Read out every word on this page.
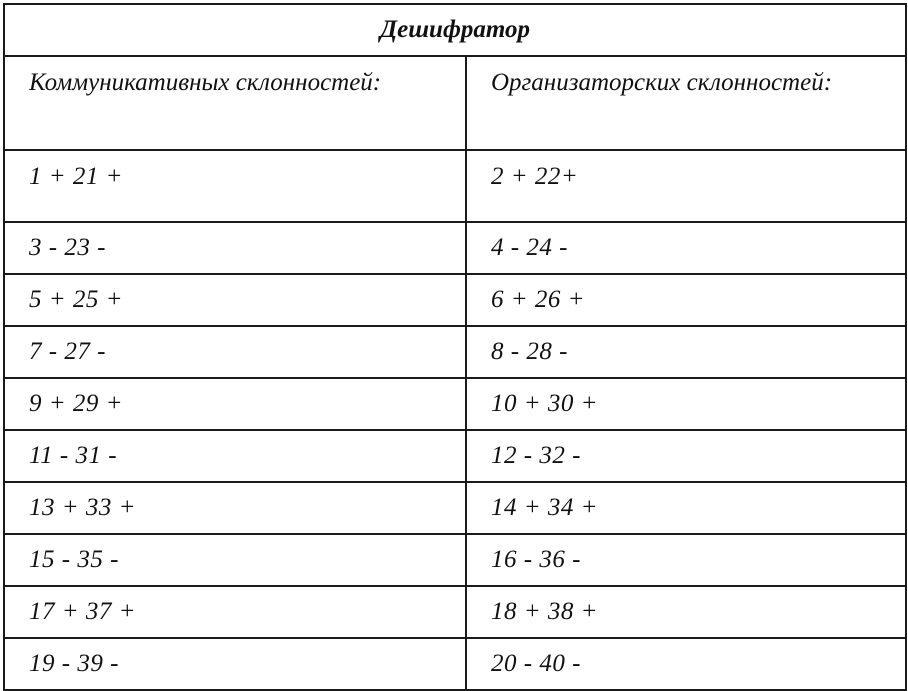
Дешифратор	
Коммуникативных склонностей:	Организаторских склонностей:
1 + 21 +	2 + 22+
3 - 23 -	4 - 24 -
5 + 25 +	6 + 26 +
7 - 27 -	8 - 28 -
9 + 29 +	10 + 30 +
11 - 31 -	12 - 32 -
13 + 33 +	14 + 34 +
15 - 35 -	16 - 36 -
17 + 37 +	18 + 38 +
19 - 39 -	20 - 40 -
